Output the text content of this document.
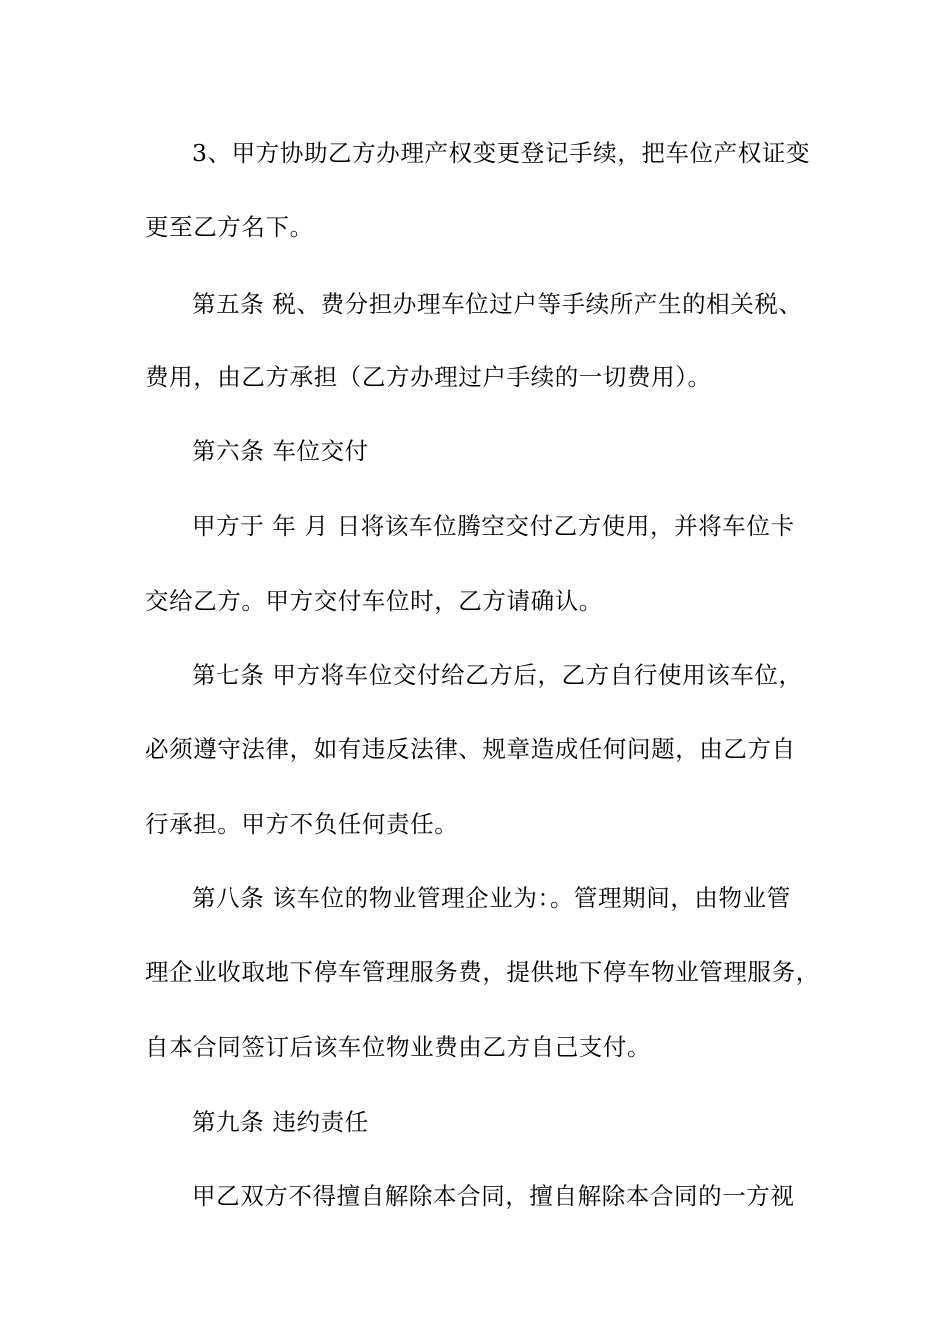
3、甲方协助乙方办理产权变更登记手续，把车位产权证变
更至乙方名下。
第五条 税、费分担办理车位过户等手续所产生的相关税、
费用，由乙方承担（乙方办理过户手续的一切费用）。
第六条 车位交付
甲方于 年 月 日将该车位腾空交付乙方使用，并将车位卡
交给乙方。甲方交付车位时，乙方请确认。
第七条 甲方将车位交付给乙方后，乙方自行使用该车位，
必须遵守法律，如有违反法律、规章造成任何问题，由乙方自
行承担。甲方不负任何责任。
第八条 该车位的物业管理企业为：。管理期间，由物业管
理企业收取地下停车管理服务费，提供地下停车物业管理服务，
自本合同签订后该车位物业费由乙方自己支付。
第九条 违约责任
甲乙双方不得擅自解除本合同，擅自解除本合同的一方视
